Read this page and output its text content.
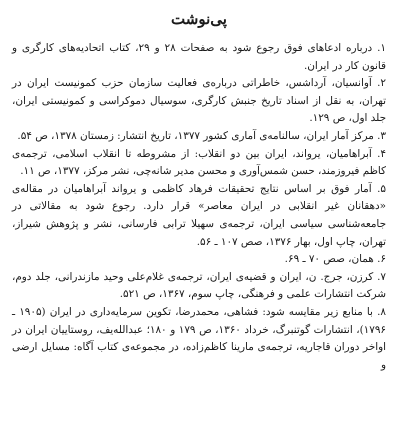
پی‌نوشت
۱. درباره ادعاهای فوق رجوع شود به صفحات ۲۸ و ۲۹، کتاب اتحادیه‌های کارگری و قانون کار در ایران.
۲. آوانسیان، آرداشس، خاطراتی درباره‌ی فعالیت سازمان حزب کمونیست ایران در تهران، به نقل از اسناد تاریخ جنبش کارگری، سوسیال دموکراسی و کمونیستی ایران، جلد اول، ص ۱۲۹.
۳. مرکز آمار ایران، سالنامه‌ی آماری کشور ۱۳۷۷، تاریخ انتشار: زمستان ۱۳۷۸، ص ۵۴.
۴. آبراهامیان، یرواند، ایران بین دو انقلاب: از مشروطه تا انقلاب اسلامی، ترجمه‌ی کاظم فیروزمند، حسن شمس‌آوری و محسن مدیر شانه‌چی، نشر مرکز، ۱۳۷۷، ص ۱۱.
۵. آمار فوق بر اساس نتایج تحقیقات فرهاد کاظمی و یرواند آبراهامیان در مقاله‌ی «دهقانان غیر انقلابی در ایران معاصر» قرار دارد. رجوع شود به مقالاتی در جامعه‌شناسی سیاسی ایران، ترجمه‌ی سهیلا ترابی فارسانی، نشر و پژوهش شیراز، تهران، چاپ اول، بهار ۱۳۷۶، صص ۱۰۷ ـ ۵۶.
۶. همان، صص ۷۰ ـ ۶۹.
۷. کرزن، جرج. ن، ایران و قضیه‌ی ایران، ترجمه‌ی غلام‌علی وحید مازندرانی، جلد دوم، شرکت انتشارات علمی و فرهنگی، چاپ سوم، ۱۳۶۷، ص ۵۲۱.
۸. با منابع زیر مقایسه شود: فشاهی، محمدرضا، تکوین سرمایه‌داری در ایران (۱۹۰۵ ـ ۱۷۹۶)، انتشارات گوتنبرگ، خرداد ۱۳۶۰، ص ۱۷۹ و ۱۸۰؛ عبدالله‌یف، روستاییان ایران در اواخر دوران قاجاریه، ترجمه‌ی مارینا کاظم‌زاده، در مجموعه‌ی کتاب آگاه: مسایل ارضی و
